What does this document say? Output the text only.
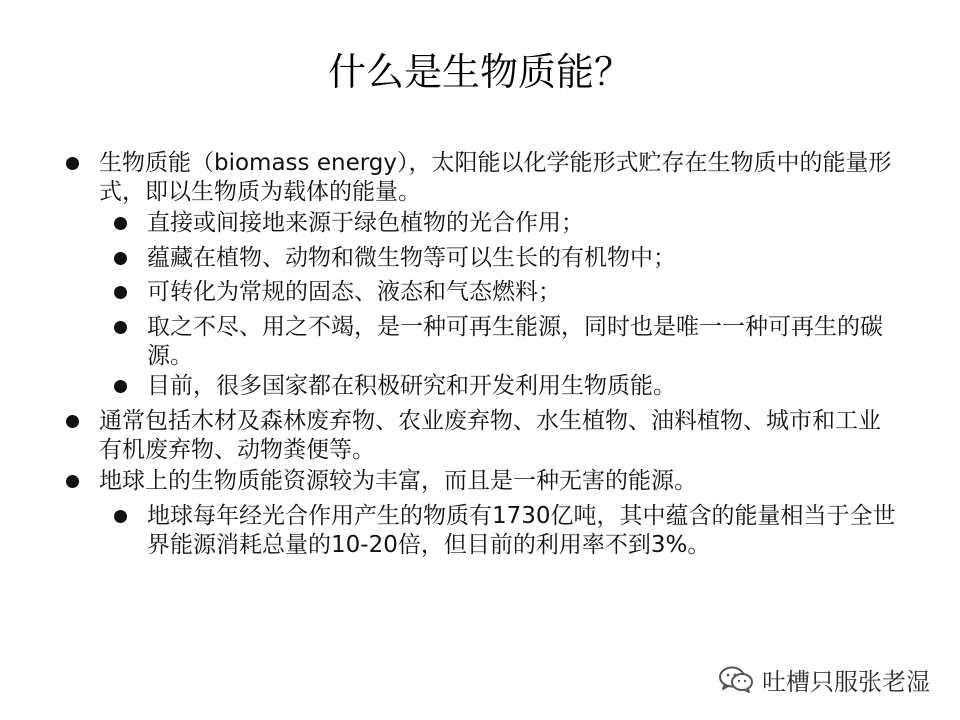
什么是生物质能？
生物质能（biomass energy），太阳能以化学能形式贮存在生物质中的能量形式，即以生物质为载体的能量。
直接或间接地来源于绿色植物的光合作用；
蕴藏在植物、动物和微生物等可以生长的有机物中；
可转化为常规的固态、液态和气态燃料；
取之不尽、用之不竭，是一种可再生能源，同时也是唯一一种可再生的碳源。
目前，很多国家都在积极研究和开发利用生物质能。
通常包括木材及森林废弃物、农业废弃物、水生植物、油料植物、城市和工业有机废弃物、动物粪便等。
地球上的生物质能资源较为丰富，而且是一种无害的能源。
地球每年经光合作用产生的物质有1730亿吨，其中蕴含的能量相当于全世界能源消耗总量的10-20倍，但目前的利用率不到3%。
吐槽只服张老湿
